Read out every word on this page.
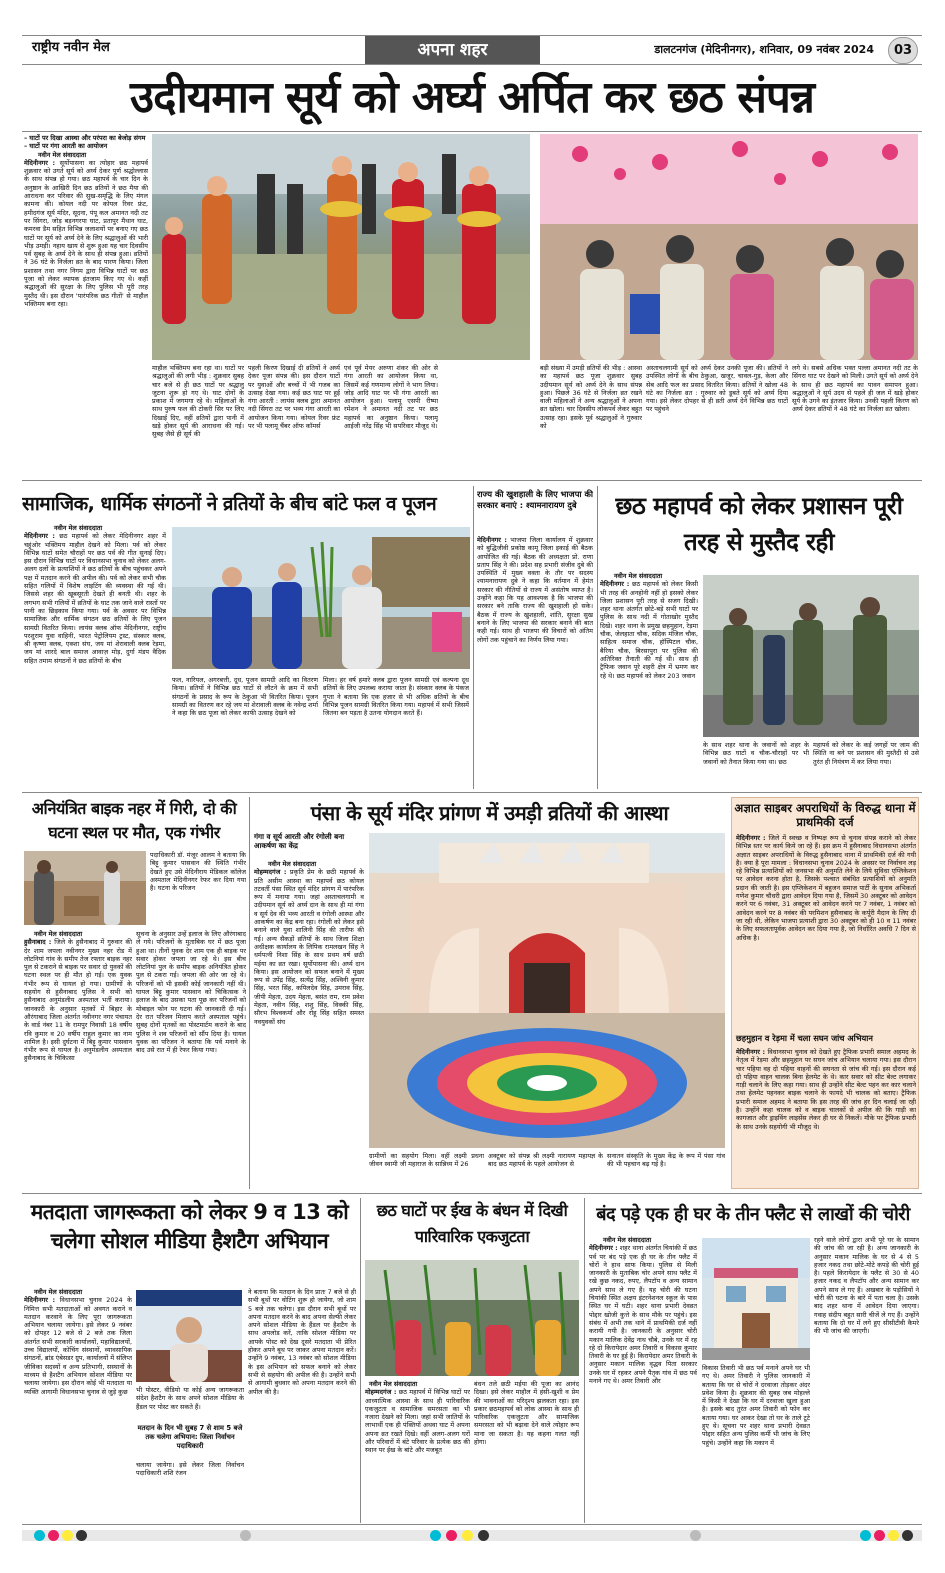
राष्ट्रीय नवीन मेल	अपना शहर	डालटनगंज (मेदिनीनगर), शनिवार, 09 नवंबर 2024	03
उदीयमान सूर्य को अर्घ्य अर्पित कर छठ संपन्न

– घाटों पर दिखा आस्था और परंपरा का बेजोड़ संगम

– घाटों पर गंगा आरती का आयोजन

नवीन मेल संवाददाता

मेदिनीनगर : सूर्योपासना का त्योहार छठ महापर्व शुक्रवार को उगते सूर्य को अर्घ्य देकर पूर्ण श्रद्धोल्लास के साथ संपन्न हो गया। छठ महापर्व के चार दिन के अनुष्ठान के आखिरी दिन छठ व्रतियों ने छठ मैया की आराधना कर परिवार की सुख-समृद्धि के लिए मंगल कामना की। कोयल नदी पर कोयल रिवर फ्रंट, हमीदगंज सूर्य मंदिर, सूदना, पंपू कल अमानत नदी तट पर सिंगरा, जोड़ बड़नगरपा घाट, प्रतापुर मैथान घाट, कमरवा डैम सहित विभिन्न जलाशयों पर बनाए गए छठ घाटों पर सूर्य को अर्घ्य देने के लिए श्रद्धालुओं की भारी भीड़ उमड़ी। नहाय खाय से शुरू हुआ यह चार दिवसीय पर्व सुबह के अर्घ्य देने के साथ ही संपन्न हुआ। व्रतियों ने 36 घंटे के निर्जला व्रत के बाद पारण किया। जिला प्रशासन तथा नगर निगम द्वारा विभिन्न घाटों पर छठ पूजा को लेकर व्यापक इंतजाम किए गए थे। कहीं श्रद्धालुओं की सुरक्षा के लिए पुलिस भी पूरी तरह मुस्तैद थी। इस दौरान 'पारंपरिक छठ गीतों' से माहौल भक्तिमय बना रहा।

माहौल भक्तिमय बना रहा था। घाटों पर श्रद्धालुओं की लगी भीड़ : शुक्रवार सुबह चार बजे से ही छठ घाटों पर श्रद्धालु जुटना शुरू हो गए थे। घाट दोनों के प्रकाश में जगमगा रहे थे। महिलाओं के साथ पुरुष फल की टोकरी सिर पर लिए दिखाई दिए, वहीं व्रतियों द्वारा पानी में खड़े होकर सूर्य की आराधना की गई। सुबह जैसे ही सूर्य की

पहली किरण दिखाई दी व्रतियों ने अर्घ्य देकर पूजा संपन्न की। इस दौरान घाटों पर युवाओं और बच्चों में भी गजब का उत्साह देखा गया। कई छठ घाट पर हुई गंगा आरती : लायंस क्लब द्वारा अमानत नदी सिंगरा तट पर भव्य गंगा आरती का आयोजन किया गया। कोयल रिवर फ्रंट पर भी पलामू चैंबर ऑफ कॉमर्स

एवं पूर्व मेयर अरुणा शंकर की ओर से गंगा आरती का आयोजन किया था, जिसमें कई गणमान्य लोगों ने भाग लिया। जोड़ आदि घाट पर भी गंगा आरती का आयोजन हुआ। पलामू एसपी रीष्मा रमेशन ने अमानत नदी तट पर छठ महापर्व का अनुष्ठान किया। पलामू आईजी नरेंद्र सिंह भी सपरिवार मौजूद थे।

बड़ी संख्या में उमड़ी व्रतियों की भीड़ : आस्था का महापर्व छठ पूजा शुक्रवार सुबह उदीयमान सूर्य को अर्घ्य देने के साथ संपन्न हुआ। पिछले 36 घंटे से निर्जला व्रत रखने वाली महिलाओं ने अन्य श्रद्धालुओं ने अपना व्रत खोला। चार दिवसीय लोकपर्व लेकर बहुत उत्साह रहा। इसके पूर्व श्रद्धालुओं ने गुरुवार को

अस्ताचलगामी सूर्य को अर्घ्य देकर उनकी पूजा की। व्रतियों ने उपस्थित लोगों के बीच ठेकुआ, खजूर, चावल-गुड़, केला और सेब आदि फल का प्रसाद वितरित किया। व्रतियों ने खोला 48 घंटे का निर्जला व्रत : गुरुवार को डूबते सूर्य को अर्घ्य दिया गया। इसे लेकर दोपहर से ही व्रती अर्घ्य देने विभिन्न छठ घाटों पर पहुंचने

लगे थे। सबसे अधिक भक्त पल्ला अमानत नदी तट के सिंगरा घाट पर देखने को मिली। उगते सूर्य को अर्घ्य देने के साथ ही छठ महापर्व का पावन समापन हुआ। श्रद्धालुओं ने सूर्य उदय से पहले ही जल में खड़े होकर सूर्य के उगने का इंतजार किया। उनकी पहली किरण को अर्घ्य देकर व्रतियों ने 48 घंटे का निर्जला व्रत खोला।

सामाजिक, धार्मिक संगठनों ने व्रतियों के बीच बांटे फल व पूजन

नवीन मेल संवाददाता

मेदिनीनगर : छठ महापर्व को लेकर मेदिनीनगर शहर में चहुंओर भक्तिमय माहौल देखने को मिला। पर्व को लेकर विभिन्न घाटों समेत चौराहों पर छठ पर्व की गीत सुनाई दिए। इस दौरान विभिन्न घाटों पर विधानसभा चुनाव को लेकर अलग-अलग दलों के प्रत्याशियों ने छठ व्रतियों के बीच पहुंचकर अपने पक्ष में मतदान करने की अपील की। पर्व को लेकर सभी चौक सहित गलियों में विशेष लाइटिंग की व्यवस्था की गई थी। जिससे शहर की खूबसूरती देखते ही बनती थी। शहर के लगभग सभी गलियों में व्रतियों के घाट तक जाने वाले रास्तों पर पानी का छिड़काव किया गया। पर्व के अवसर पर विभिन्न सामाजिक और धार्मिक संगठन छठ व्रतियों के लिए पूजन सामग्री वितरित किया। लायंस क्लब ऑफ मेदिनीनगर, राष्ट्रीय परशुराम युवा वाहिनी, भारत पेट्रोलियम ट्रस्ट, संस्कार क्लब, श्री कृष्णा क्लब, एक्शा संघ, जय मां शेरावाली क्लब रेड़मा, जय मां शारदे बाल समाज आवाज़ मोड़, दुर्गा मंडप वैदिक सहित तमाम संगठनों ने छठ व्रतियों के बीच

फल, नारियल, अगरबत्ती, दूध, पूजन सामग्री आदि का वितरण किया। व्रतियों ने विभिन्न छठ घाटों से लौटने के क्रम में सभी संगठनों के प्रसाद के रूप के ठेकुआ भी वितरित किया। पूजन सामग्री का वितरण कर रहे जय मां शेरावाली क्लब के नवेन्द्र शर्मा ने कहा कि छठ पूजा को लेकर काफी उत्साह देखने को

मिला। हर वर्ष हमारे क्लब द्वारा पूजन सामग्री एवं कल्पना दूध व्रतियों के लिए उपलब्ध कराया जाता है। संस्कार क्लब के पंकज गुप्ता ने बताया कि एक हजार से भी अधिक व्रतियों के बीच विभिन्न पूजन सामग्री वितरित किया गया। महापर्व में सभी जिसमें जितना बन पड़ता है उतना योगदान करते हैं।

राज्य की खुशहाली के लिए भाजपा की सरकार बनाएं : श्यामनारायण दुबे

मेदिनीनगर : भाजपा जिला कार्यालय में शुक्रवार को बुद्धिजीवी प्रकोष्ठ कामू जिला इकाई की बैठक आयोजित की गई। बैठक की अध्यक्षता प्रो. राणा प्रताप सिंह ने की। प्रदेश सह प्रभारी संजीव दुबे की उपस्थिति में मुख्य वक्ता के तौर पर सदस्य श्यामनारायण दुबे ने कहा कि वर्तमान में हेमंत सरकार की नीतियों से राज्य में असंतोष व्याप्त है। उन्होंने कहा कि यह आवश्यक है कि भाजपा की सरकार बने ताकि राज्य की खुशहाली हो सके। बैठक में राज्य के खुशहाली, शांति, सुरक्षा सुख बनाने के लिए भाजपा की सरकार बनाने की बात कही गई। साथ ही भाजपा की विचारों को अंतिम लोगों तक पहुंचाने का निर्णय लिया गया।

छठ महापर्व को लेकर प्रशासन पूरी तरह से मुस्तैद रही

नवीन मेल संवाददाता

मेदिनीनगर : छठ महापर्व को लेकर किसी भी तरह की अनहोनी नहीं हो इसको लेकर जिला प्रशासन पूरी तरह से सजग दिखी। शहर थाना अंतर्गत छोटे-बड़े सभी घाटों पर पुलिस के साथ नदी में गोताखोर मुस्तैद दिखे। शहर थाना के प्रमुख छहमुहान, रेड़मा चौक, जेलहाता चौक, सदिक मंजिल चौक, साहित्य समाज चौक, हॉस्पिटल चौक, बैरिया चौक, बिरसापुरा पर पुलिस की अतिरिक्त तैनाती की गई थी। साथ ही ट्रैफिक जवान पूरे शहरी क्षेत्र में भ्रमण कर रहे थे। छठ महापर्व को लेकर 203 जवान

के साथ शहर थाना के जवानों को शहर के विभिन्न छठ घाटों व चौक-चौराहों पर भी जवानों को तैनात किया गया था। छठ

महापर्व को लेकर के कई जगहों पर जाम की स्थिति ना बने पर प्रशासन की मुस्तैदी से उसे तुरंत ही नियंत्रण में कर लिया गया।

अनियंत्रित बाइक नहर में गिरी, दो की घटना स्थल पर मौत, एक गंभीर

पदाधिकारी डॉ. मंजूर आलम ने बताया कि बिट्टू कुमार पासवान की स्थिति गंभीर देखते हुए उसे मेदिनीराय मेडिकल कॉलेज अस्पताल मेदिनीनगर रेफर कर दिया गया है। घटना के परिजन

नवीन मेल संवाददाता

हुसैनाबाद : जिले के हुसैनाबाद में गुरुवार की देर शाम जपला नवीनगर मुख्य नहर रोड में लोटनियां गांव के समीप तेज रफ्तार बाइक नहर पुल से टकराने से बाइक पर सवार दो युवकों की घटना स्थल पर ही मौत हो गई। एक युवक गंभीर रूप से घायल हो गया। ग्रामीणों के सहयोग से हुसैनाबाद पुलिस ने सभी को हुसैनाबाद अनुमंडलीय अस्पताल भर्ती कराया। जानकारी के अनुसार मृतकों में बिहार के औरंगाबाद जिला अंतर्गत नवीनगर नगर पंचायत के वार्ड नंबर 11 के रामपुर निवासी 18 वर्षीय रवि कुमार व 20 वर्षीय राहुल कुमार का नाम शामिल है। इसी दुर्घटना में बिट्टू कुमार पासवान गंभीर रूप से घायल है। अनुमंडलीय अस्पताल हुसैनाबाद के चिकित्सा

सूचना के अनुसार उन्हें इलाज के लिए औरंगाबाद ले गये। परिजनों के मुताबिक घर में छठ पूजा हुआ था। तीनों युवक देर शाम एक ही बाइक पर सवार होकर जपला जा रहे थे। इस बीच लोटनियां पुल के समीप बाइक अनियंत्रित होकर पुल से टकरा गई। जपला की ओर जा रहे थे। परिजनों को भी इसकी कोई जानकारी नहीं थी। घायल बिट्टू कुमार पासवान को चिकित्सक ने इलाज के बाद उसका पता पूछ कर परिजनों को मोबाइल फोन पर घटना की जानकारी दी गई। देर रात परिजन मिलाप करते अस्पताल पहुंचे। सुबह दोनों मृतकों का पोस्टमार्टम कराने के बाद पुलिस ने शव परिजनों को सौंप दिया है। घायल युवक का परिजन ने बताया कि पर्व मनाने के बाद उसे रात में ही रेफर किया गया।

पंसा के सूर्य मंदिर प्रांगण में उमड़ी व्रतियों की आस्था
गंगा व सूर्य आरती और रंगोली बना आकर्षण का केंद्र

नवीन मेल संवाददाता

मोहम्मदगंज : प्रकृति प्रेम के छठी महापर्व के प्रति असीम आस्था का महापर्व छठ कोयल तटवर्ती पंसा स्थित सूर्य मंदिर प्रांगण में पारंपरिक रूप में मनाया गया। जहां अस्ताचलगामी व उदीयमान सूर्य को अर्घ्य दान के साथ ही मां गंगा व सूर्य देव की भव्य आरती व रंगोली आस्था और आकर्षण का केंद्र बना रहा। रंगोली को लेकर इसे बनाने वाले युवा शालिनी सिंह की तारीफ की गई। अन्य सैकड़ों व्रतियों के साथ जिला शिक्षा अधीक्षक कार्यालय के लिपिक रामलखन सिंह ने धर्मपत्नी निशा सिंह के साथ प्रथम वर्ष छठी मईया का व्रत रखा। सूर्योपासना की। अर्घ्य दान किया। इस आयोजन को सफल बनाने में मुख्य रूप से उपेंद्र सिंह, सत्येंद्र सिंह, अश्विनी कुमार सिंह, भरत सिंह, कपिलदेव सिंह, उमराव सिंह, जीपी मेहता, उदय मेहता, बसंत राम, राम प्रवेश मेहता, नवीन सिंह, शशु सिंह, विक्की सिंह, सौरभ विश्वकर्मा और रोहू सिंह सहित समस्त नवयुवकों संघ

ग्रामीणों का सहयोग मिला। वहीं लक्ष्मी प्रधना जीवन स्वामी जी महाराज के सान्निध्य में 26

अक्टूबर को संपन्न श्री लक्ष्मी नारायण महायज्ञ के बाद छठ महापर्व के पहले आयोजन से

सनातन संस्कृति के मुख्य केंद्र के रूप में पंसा गांव की भी पहचान बढ़ गई है।

अज्ञात साइबर अपराधियों के विरुद्ध थाना में प्राथमिकी दर्ज

मेदिनीनगर : जिले में स्वच्छ व निष्पक्ष रूप से चुनाव संपन्न कराने को लेकर विभिन्न स्तर पर कार्य किये जा रहे हैं। इस क्रम में हुसैनाबाद विधानसभा अंतर्गत अज्ञात साइबर अपराधियों के विरुद्ध हुसैनाबाद थाना में प्राथमिकी दर्ज की गयी है। क्या है पूरा मामला : विधानसभा चुनाव 2024 के अवसर पर निर्वाचन लड़ रहे विभिन्न प्रत्याशियों को जनसभा की अनुमति लेने के लिये सुविधा एप्लिकेशन पर आवेदन करना होता है, जिसके पश्चात संबंधित प्रत्याशियों को अनुमति प्रदान की जाती है। इस एप्लिकेशन में बहुजन समाज पार्टी के सुनाव अभिकर्ता गणेश कुमार चौधरी द्वारा आवेदन दिया गया है, जिसमें 30 अक्टूबर को आवेदन करने पर 6 नवंबर, 31 अक्टूबर को आवेदन करने पर 7 नवंबर, 1 नवंबर को आवेदन करने पर 8 नवंबर की परमिशन हुसैनाबाद के कर्पूरी मैदान के लिए दी जा रही थी, लेकिन भाजपा प्रत्याशी द्वारा 30 अक्टूबर को ही 10 व 11 नवंबर के लिए सफलतापूर्वक आवेदन कर दिया गया है, जो निर्धारित अवधि 7 दिन से अधिक है।

छहमुहान व रेड़मा में चला सघन जांच अभियान

मेदिनीनगर : विधानसभा चुनाव को देखते हुए ट्रैफिक प्रभारी समाल अहमद के नेतृत्व में रेड़मा और छहमुहान पर सघन जांच अभियान चलाया गया। इस दौरान चार पहिया वह दो पहिया वाहनों की सघनता से जांच की गई। इस दौरान कई दो पहिया वाहन चालक बिना हेलमेट के थे। कार सवार को सीट बेल्ट लगाकर गाड़ी चलाने के लिए कहा गया। साथ ही उन्होंने सीट बेल्ट पहन कर कार चलाने तथा हेलमेट पहनकर बाइक चलाने के फायदे भी चालक को बताए। ट्रैफिक प्रभारी समाल अहमद ने बताया कि इस तरह की जांच हर दिन चलाई जा रही है। उन्होंने कहा चालक को व बाइक चालकों से अपील की कि गाड़ी का कागजात और ड्राइविंग लाइसेंस लेकर ही घर से निकलें। मौके पर ट्रैफिक प्रभारी के साथ उनके सहयोगी भी मौजूद थे।

मतदाता जागरूकता को लेकर 9 व 13 को चलेगा सोशल मीडिया हैशटैग अभियान

नवीन मेल संवाददाता

मेदिनीनगर : विधानसभा चुनाव 2024 के निमित्त सभी मतदाताओं को अवगत कराने व मतदान करवाने के लिए पूरा जागरूकता अभियान चलाया जायेगा। इसे लेकर 9 नवंबर को दोपहर 12 बजे से 2 बजे तक जिला अंतर्गत सभी सरकारी कार्यालयों, महाविद्यालयों, उच्च विद्यालयों, कोचिंग संस्थानों, व्यावसायिक संगठनों, ब्रांड एंबेसडर ग्रुप, कार्यालयों में संलिप्त जीविका सदस्यों व अन्य प्रतिभागी, सस्थानों के माध्यम से हैशटैग अभियान सोशल मीडिया पर चलाया जायेगा। इस दौरान कोई भी मतदाता या व्यक्ति आगामी विधानसभा चुनाव से जुड़े कुछ	भी पोस्टर, वीडियो या कोई अन्य जागरूकता संदेश हैशटैग के साथ अपने सोशल मीडिया के हैंडल पर पोस्ट कर सकते हैं।

मतदान के दिन भी सुबह 7 से शाम 5 बजे तक चलेगा अभियान: जिला निर्वाचन पदाधिकारी

चलाया जायेगा। इसे लेकर जिला निर्वाचन पदाधिकारी शशि रंजन

ने बताया कि मतदान के दिन प्रातः 7 बजे से ही सभी बूथों पर वोटिंग शुरू हो जायेगा, जो शाम 5 बजे तक चलेगा। इस दौरान सभी बूथों पर अपना मतदान करने के बाद अपना सेल्फी लेकर अपने सोशल मीडिया के हैंडल पर हैशटैग के साथ अपलोड करें, ताकि सोशल मीडिया पर आपके पोस्ट को देख दूसरे मतदाता भी प्रेरित होकर अपने बूथ पर जाकर अपना मतदान करें। उन्होंने 9 नवंबर, 13 नवंबर को सोशल मीडिया के इस अभियान को सफल बनाने को लेकर सभी से सहयोग की अपील की है। उन्होंने सभी से आगामी बुधवार को अपना मतदान करने की अपील की है।

छठ घाटों पर ईख के बंधन में दिखी पारिवारिक एकजुटता

नवीन मेल संवाददाता

मोहम्मदगंज : छठ महापर्व में विभिन्न घाटों पर आध्यात्मिक आस्था के साथ ही पारिवारिक एकजुटता व सामाजिक समरसता का भी नजारा देखने को मिला। जहां सभी जातियों के लाभार्थी एक ही पंक्तियों अथवा घाट में अपना अपना व्रत रखते दिखे। वहीं अलग-अलग घरों और परिवारों में बंटे परिवार के प्रत्येक छठ की स्थान पर ईख के बांटे और मजबूत

बंधन तले छठी मईया की पूजा का आनंद दिखा। इसे लेकर माहौल में हंसी-खुशी व प्रेम की भावनाओं का परिदृश्य झलकता रहा। इस प्रकार छठमहापर्व को लोक आस्था के साथ ही पारिवारिक एकजुटता और सामाजिक समरसता को भी बढ़ावा देने वाले त्योहार रूप माना जा सकता है। यह कहना गलत नहीं होगा।

बंद पड़े एक ही घर के तीन फ्लैट से लाखों की चोरी

नवीन मेल संवाददाता

मेदिनीनगर : शहर थाना अंतर्गत चियांकी में छठ पर्व पर बंद पड़े एक ही घर के तीन फ्लैट में चोरों ने हाथ साफ किया। पुलिस से मिली जानकारी के मुताबिक चोर अपने साथ फ्लैट में रखे कुछ नकद, रुपए, लैपटॉप व अन्य सामान अपने साथ ले गए हैं। यह चोरी की घटना चियांकी स्थित अक्षय इंटरनेशनल स्कूल के पास स्थित घर में घटी। शहर थाना प्रभारी देवव्रत पोद्दार खोजी कुत्ते के साथ मौके पर पहुंचे। इस संबंध में अभी तक थाने में प्राथमिकी दर्ज नहीं करायी गयी है। जानकारी के अनुसार चोरी मकान मालिक देवेंद्र नाथ चौबे, उनके घर में रह रहे दो किरायेदार अमर तिवारी व विकास कुमार तिवारी के घर हुई है। किरायेदार अमर तिवारी के अनुसार मकान मालिक वृद्धव पिता सरकार उनके घर में रहकर अपने पैतृक गांव में छठ पर्व मनाने गए थे। अमर तिवारी और

विकास तिवारी भी छठ पर्व मनाने अपने घर भी गए थे। अमर तिवारी ने पुलिस जानकारी में बताया कि घर से चोरों ने दरवाजा तोड़कर अंदर प्रवेश किया है। शुक्रवार की सुबह जब मोहल्ले में किसी ने देखा कि घर में दरवाजा खुला हुआ है। इसके बाद तुरंत अमर तिवारी को फोन कर बताया गया। घर आकर देखा तो घर के ताले टूटे हुए थे। सूचना पर शहर थाना प्रभारी देवव्रत पोद्दार सहित अन्य पुलिस कर्मी भी जांच के लिए पहुंचे। उन्होंने कहा कि मकान में

रहने वाले लोगों द्वारा अभी पूरे घर के सामान की जांच की जा रही है। अन्य जानकारी के अनुसार मकान मालिक के घर से 4 से 5 हजार नकद तथा छोटे-मोटे कपड़े की चोरी हुई है। पहले किरायेदार के फ्लैट से 30 से 40 हजार नकद व लैपटॉप और अन्य सामान कर अपने साथ ले गए हैं। अखबार के पड़ोसियों ने चोरी की घटना के बारे में पता चला है। उसके बाद शहर थाना में आवेदन दिया जाएगा। गवाह संदीप बहुत सारी चीजें ले गए हैं। उन्होंने बताया कि दो घर में लगे हुए सीसीटीवी कैमरे की भी जांच की जाएगी।
